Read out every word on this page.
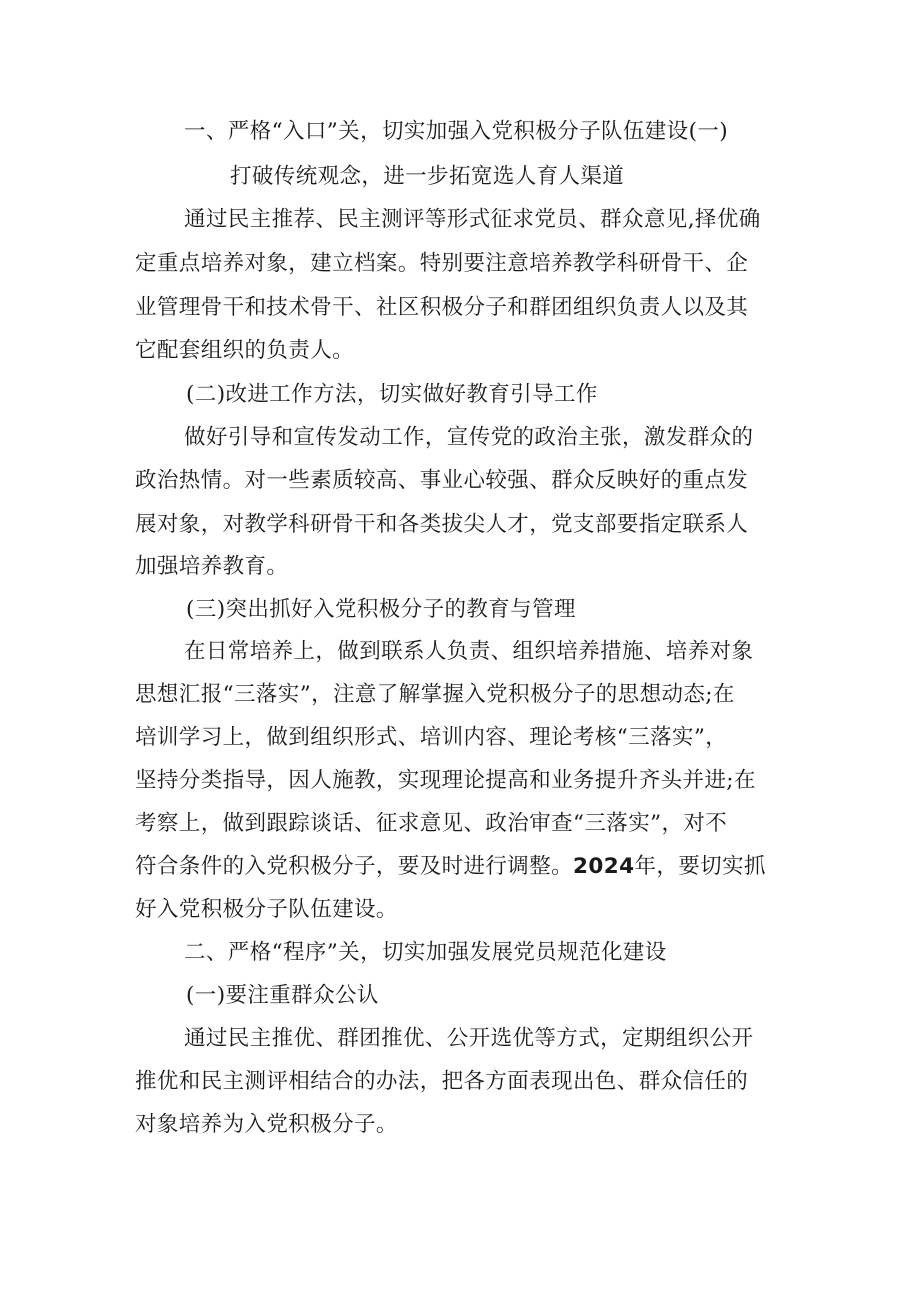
一、严格“入口”关，切实加强入党积极分子队伍建设(一)
打破传统观念，进一步拓宽选人育人渠道
通过民主推荐、民主测评等形式征求党员、群众意见,择优确
定重点培养对象，建立档案。特别要注意培养教学科研骨干、企
业管理骨干和技术骨干、社区积极分子和群团组织负责人以及其
它配套组织的负责人。
(二)改进工作方法，切实做好教育引导工作
做好引导和宣传发动工作，宣传党的政治主张，激发群众的
政治热情。对一些素质较高、事业心较强、群众反映好的重点发
展对象，对教学科研骨干和各类拔尖人才，党支部要指定联系人
加强培养教育。
(三)突出抓好入党积极分子的教育与管理
在日常培养上，做到联系人负责、组织培养措施、培养对象
思想汇报“三落实”，注意了解掌握入党积极分子的思想动态;在
培训学习上，做到组织形式、培训内容、理论考核“三落实”，
坚持分类指导，因人施教，实现理论提高和业务提升齐头并进;在
考察上，做到跟踪谈话、征求意见、政治审查“三落实”，对不
符合条件的入党积极分子，要及时进行调整。2024年，要切实抓
好入党积极分子队伍建设。
二、严格“程序”关，切实加强发展党员规范化建设
(一)要注重群众公认
通过民主推优、群团推优、公开选优等方式，定期组织公开
推优和民主测评相结合的办法，把各方面表现出色、群众信任的
对象培养为入党积极分子。
